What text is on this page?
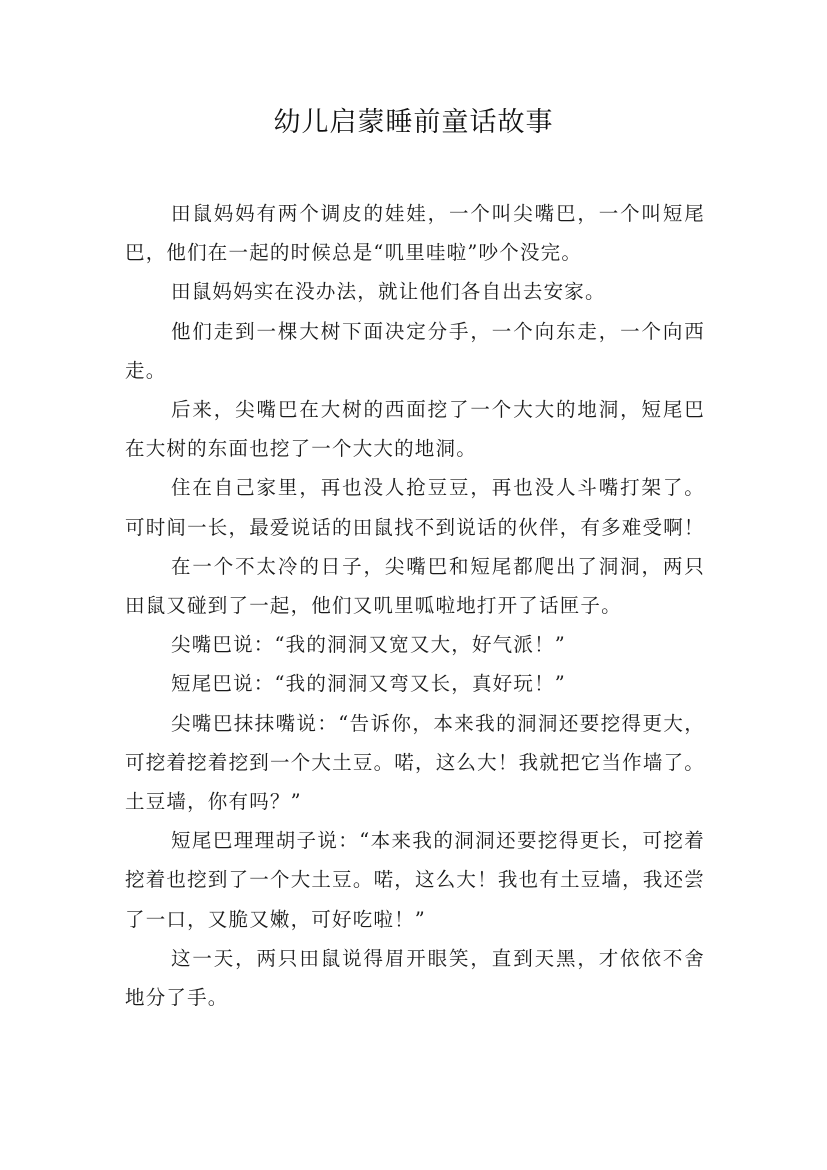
幼儿启蒙睡前童话故事

田鼠妈妈有两个调皮的娃娃，一个叫尖嘴巴，一个叫短尾巴，他们在一起的时候总是“叽里哇啦”吵个没完。

田鼠妈妈实在没办法，就让他们各自出去安家。

他们走到一棵大树下面决定分手，一个向东走，一个向西走。

后来，尖嘴巴在大树的西面挖了一个大大的地洞，短尾巴在大树的东面也挖了一个大大的地洞。

住在自己家里，再也没人抢豆豆，再也没人斗嘴打架了。可时间一长，最爱说话的田鼠找不到说话的伙伴，有多难受啊！

在一个不太冷的日子，尖嘴巴和短尾都爬出了洞洞，两只田鼠又碰到了一起，他们又叽里呱啦地打开了话匣子。

尖嘴巴说：“我的洞洞又宽又大，好气派！”

短尾巴说：“我的洞洞又弯又长，真好玩！”

尖嘴巴抹抹嘴说：“告诉你，本来我的洞洞还要挖得更大，可挖着挖着挖到一个大土豆。喏，这么大！我就把它当作墙了。土豆墙，你有吗？”

短尾巴理理胡子说：“本来我的洞洞还要挖得更长，可挖着挖着也挖到了一个大土豆。喏，这么大！我也有土豆墙，我还尝了一口，又脆又嫩，可好吃啦！”

这一天，两只田鼠说得眉开眼笑，直到天黑，才依依不舍地分了手。
